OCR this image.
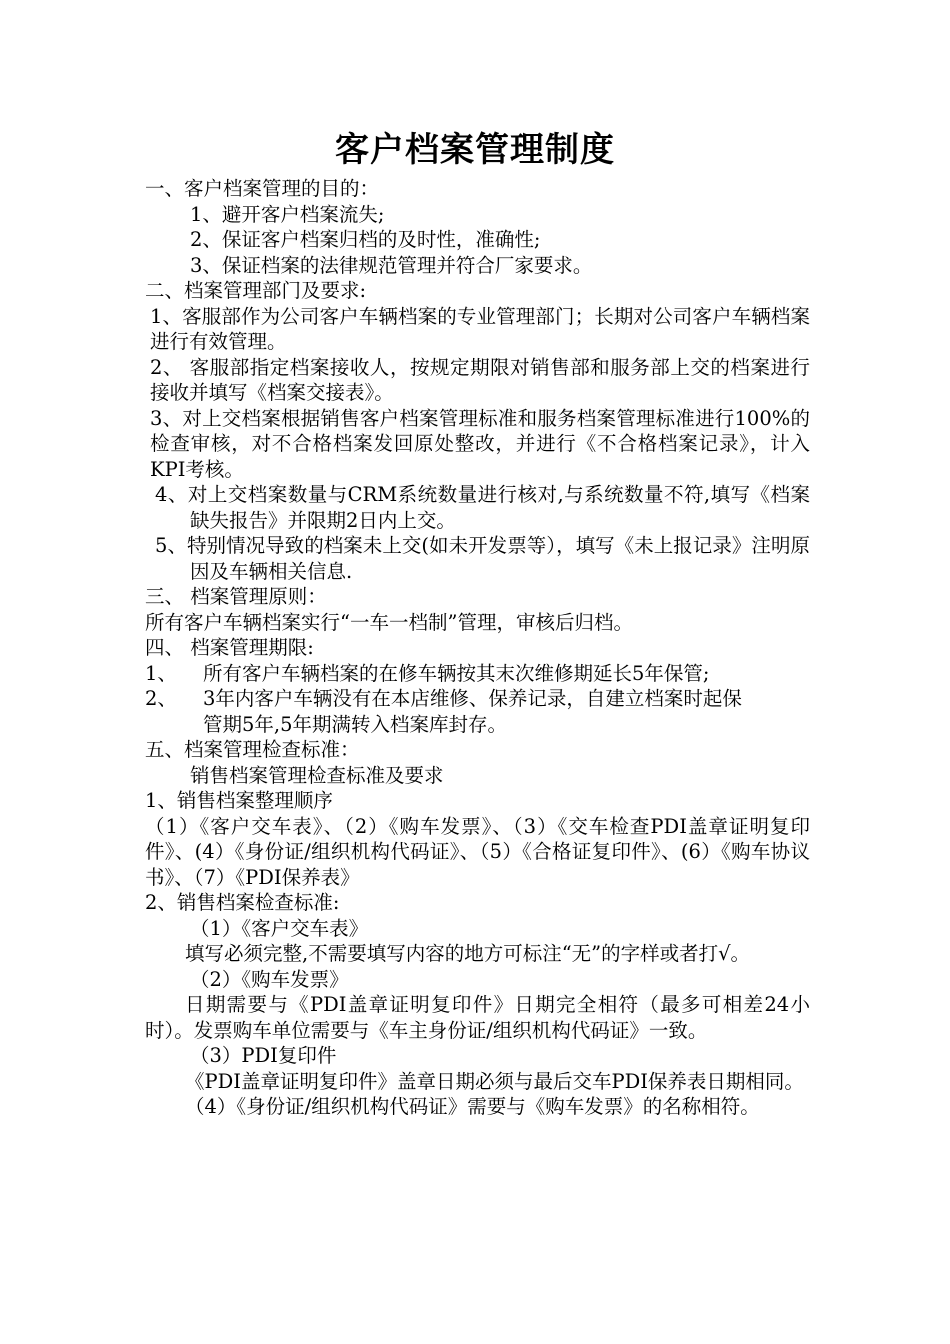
客户档案管理制度

一、客户档案管理的目的：

1、避开客户档案流失;

2、保证客户档案归档的及时性，准确性;

3、保证档案的法律规范管理并符合厂家要求。

二、档案管理部门及要求:

1、客服部作为公司客户车辆档案的专业管理部门；长期对公司客户车辆档案进行有效管理。

2、 客服部指定档案接收人，按规定期限对销售部和服务部上交的档案进行接收并填写《档案交接表》。

3、对上交档案根据销售客户档案管理标准和服务档案管理标准进行100%的检查审核，对不合格档案发回原处整改，并进行《不合格档案记录》，计入KPI考核。

4、对上交档案数量与CRM系统数量进行核对,与系统数量不符,填写《档案缺失报告》并限期2日内上交。

5、特别情况导致的档案未上交(如未开发票等），填写《未上报记录》注明原因及车辆相关信息.

三、 档案管理原则：

所有客户车辆档案实行“一车一档制”管理，审核后归档。

四、 档案管理期限:

1、	所有客户车辆档案的在修车辆按其末次维修期延长5年保管;
2、	3年内客户车辆没有在本店维修、保养记录，自建立档案时起保

管期5年,5年期满转入档案库封存。

五、档案管理检查标准：

销售档案管理检查标准及要求

1、销售档案整理顺序

（1）《客户交车表》、（2）《购车发票》、（3）《交车检查PDI盖章证明复印件》、(4）《身份证/组织机构代码证》、（5）《合格证复印件》、(6）《购车协议书》、（7）《PDI保养表》

2、销售档案检查标准:

（1）《客户交车表》

填写必须完整,不需要填写内容的地方可标注“无”的字样或者打√。

（2）《购车发票》

日期需要与《PDI盖章证明复印件》日期完全相符（最多可相差24小时）。发票购车单位需要与《车主身份证/组织机构代码证》一致。

（3）PDI复印件

《PDI盖章证明复印件》盖章日期必须与最后交车PDI保养表日期相同。

（4）《身份证/组织机构代码证》需要与《购车发票》的名称相符。
